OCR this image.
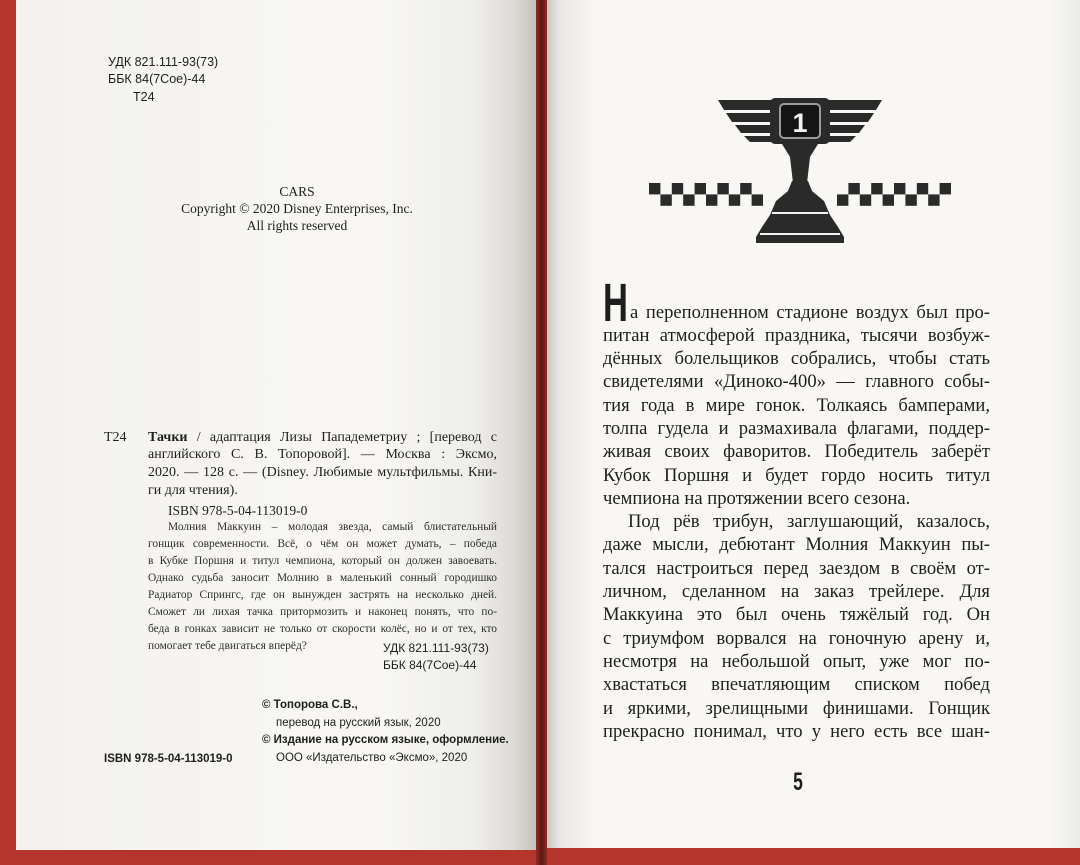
УДК 821.111-93(73)
ББК 84(7Сое)-44
Т24
CARS
Copyright © 2020 Disney Enterprises, Inc.
All rights reserved
Т24 Тачки / адаптация Лизы Пападеметриу ; [перевод с
английского С. В. Топоровой]. — Москва : Эксмо,
2020. — 128 с. — (Disney. Любимые мультфильмы. Кни-
ги для чтения).
ISBN 978-5-04-113019-0
Молния Маккуин – молодая звезда, самый блистательный
гонщик современности. Всё, о чём он может думать, – победа
в Кубке Поршня и титул чемпиона, который он должен завоевать.
Однако судьба заносит Молнию в маленький сонный городишко
Радиатор Спрингс, где он вынужден застрять на несколько дней.
Сможет ли лихая тачка притормозить и наконец понять, что по-
беда в гонках зависит не только от скорости колёс, но и от тех, кто
помогает тебе двигаться вперёд?	УДК 821.111-93(73)
ББК 84(7Сое)-44
© Топорова С.В.,
перевод на русский язык, 2020
© Издание на русском языке, оформление.
ООО «Издательство «Эксмо», 2020
ISBN 978-5-04-113019-0
1
Н а переполненном стадионе воздух был про-
питан атмосферой праздника, тысячи возбуж-
дённых болельщиков собрались, чтобы стать
свидетелями «Диноко-400» — главного собы-
тия года в мире гонок. Толкаясь бамперами,
толпа гудела и размахивала флагами, поддер-
живая своих фаворитов. Победитель заберёт
Кубок Поршня и будет гордо носить титул
чемпиона на протяжении всего сезона.
Под рёв трибун, заглушающий, казалось,
даже мысли, дебютант Молния Маккуин пы-
тался настроиться перед заездом в своём от-
личном, сделанном на заказ трейлере. Для
Маккуина это был очень тяжёлый год. Он
с триумфом ворвался на гоночную арену и,
несмотря на небольшой опыт, уже мог по-
хвастаться впечатляющим списком побед
и яркими, зрелищными финишами. Гонщик
прекрасно понимал, что у него есть все шан-
5
